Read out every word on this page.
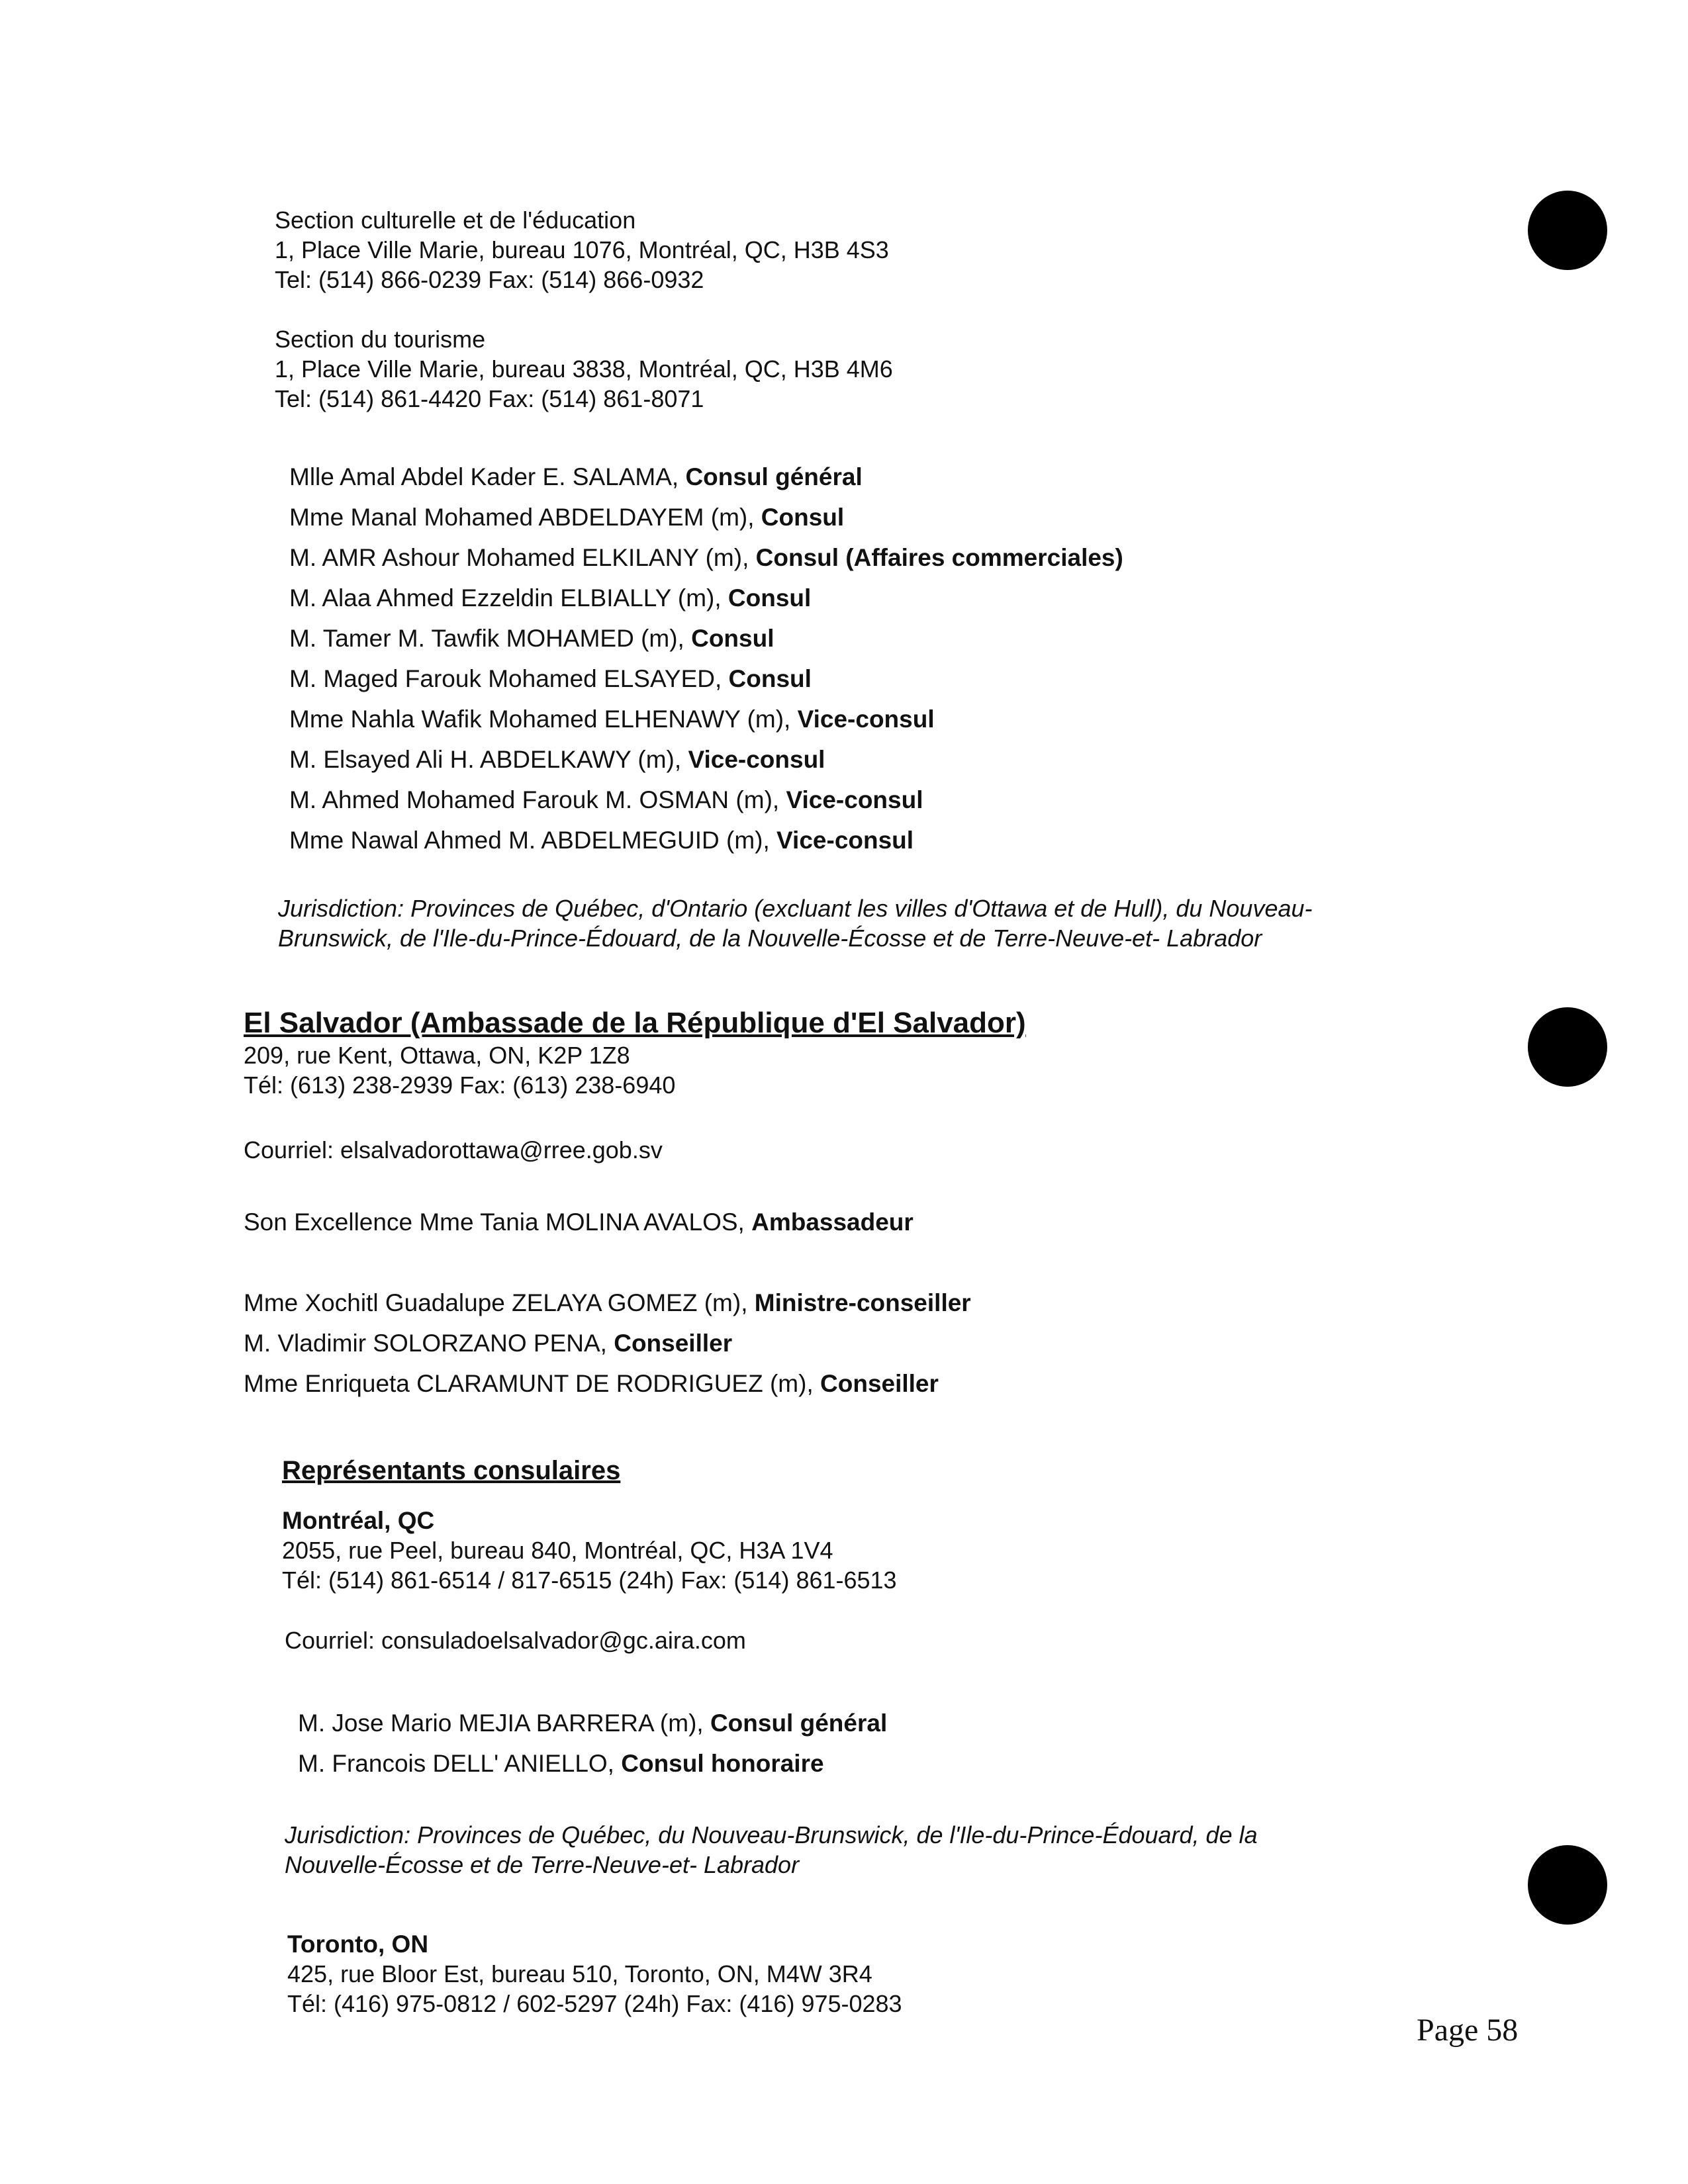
Section culturelle et de l'éducation
1, Place Ville Marie, bureau 1076, Montréal, QC, H3B 4S3
Tel: (514) 866-0239 Fax: (514) 866-0932
Section du tourisme
1, Place Ville Marie, bureau 3838, Montréal, QC, H3B 4M6
Tel: (514) 861-4420 Fax: (514) 861-8071
Mlle Amal Abdel Kader E. SALAMA, Consul général
Mme Manal Mohamed ABDELDAYEM (m), Consul
M. AMR Ashour Mohamed ELKILANY (m), Consul (Affaires commerciales)
M. Alaa Ahmed Ezzeldin ELBIALLY (m), Consul
M. Tamer M. Tawfik MOHAMED (m), Consul
M. Maged Farouk Mohamed ELSAYED, Consul
Mme Nahla Wafik Mohamed ELHENAWY (m), Vice-consul
M. Elsayed Ali H. ABDELKAWY (m), Vice-consul
M. Ahmed Mohamed Farouk M. OSMAN (m), Vice-consul
Mme Nawal Ahmed M. ABDELMEGUID (m), Vice-consul
Jurisdiction: Provinces de Québec, d'Ontario (excluant les villes d'Ottawa et de Hull), du Nouveau-
Brunswick, de l'Ile-du-Prince-Édouard, de la Nouvelle-Écosse et de Terre-Neuve-et- Labrador
El Salvador (Ambassade de la République d'El Salvador)
209, rue Kent, Ottawa, ON, K2P 1Z8
Tél: (613) 238-2939 Fax: (613) 238-6940
Courriel: elsalvadorottawa@rree.gob.sv
Son Excellence Mme Tania MOLINA AVALOS, Ambassadeur
Mme Xochitl Guadalupe ZELAYA GOMEZ (m), Ministre-conseiller
M. Vladimir SOLORZANO PENA, Conseiller
Mme Enriqueta CLARAMUNT DE RODRIGUEZ (m), Conseiller
Représentants consulaires
Montréal, QC
2055, rue Peel, bureau 840, Montréal, QC, H3A 1V4
Tél: (514) 861-6514 / 817-6515 (24h) Fax: (514) 861-6513
Courriel: consuladoelsalvador@gc.aira.com
M. Jose Mario MEJIA BARRERA (m), Consul général
M. Francois DELL' ANIELLO, Consul honoraire
Jurisdiction: Provinces de Québec, du Nouveau-Brunswick, de l'Ile-du-Prince-Édouard, de la
Nouvelle-Écosse et de Terre-Neuve-et- Labrador
Toronto, ON
425, rue Bloor Est, bureau 510, Toronto, ON, M4W 3R4
Tél: (416) 975-0812 / 602-5297 (24h) Fax: (416) 975-0283
Page 58
